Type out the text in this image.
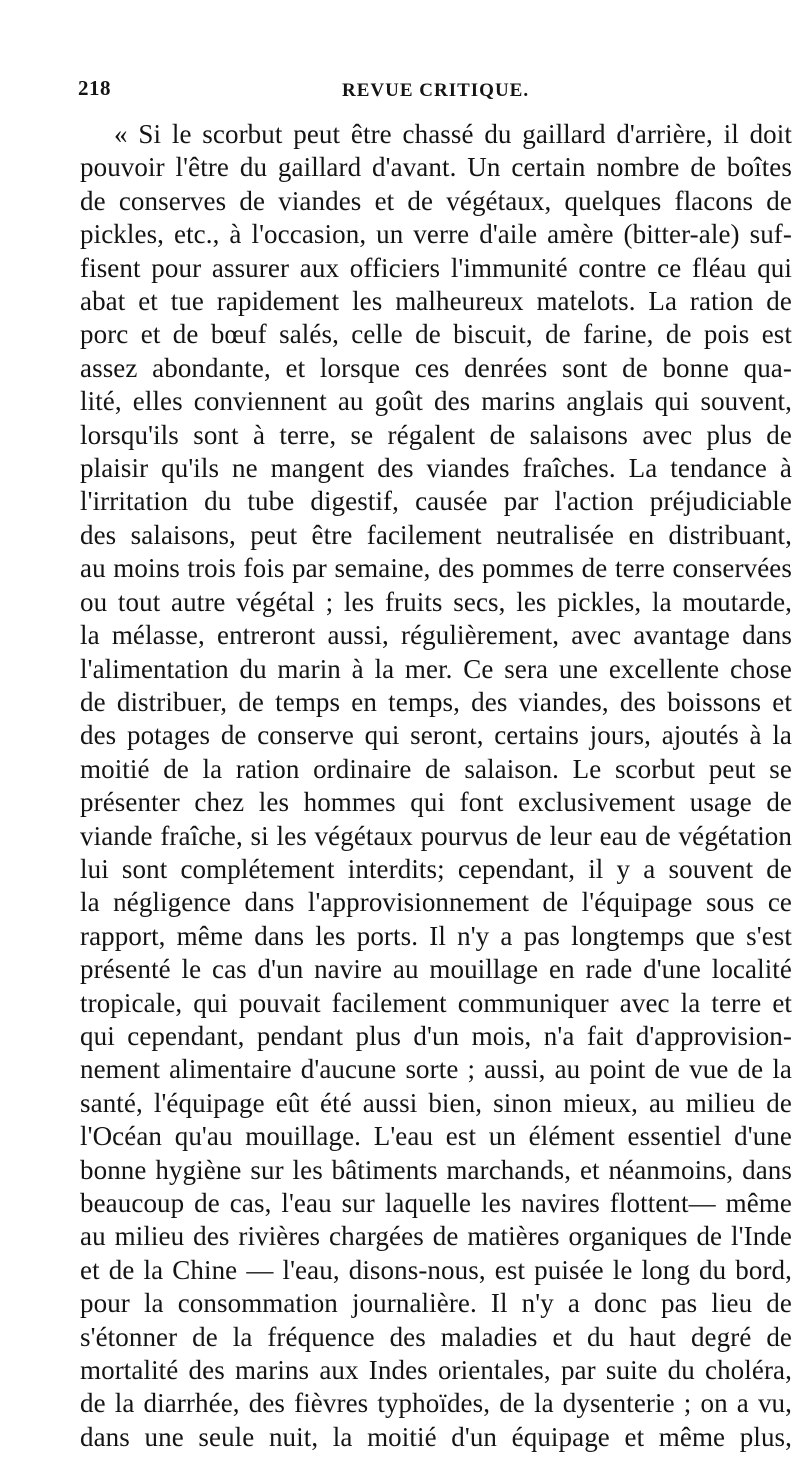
218	REVUE CRITIQUE.
« Si le scorbut peut être chassé du gaillard d'arrière, il doit
pouvoir l'être du gaillard d'avant. Un certain nombre de boîtes
de conserves de viandes et de végétaux, quelques flacons de
pickles, etc., à l'occasion, un verre d'aile amère (bitter-ale) suf-
fisent pour assurer aux officiers l'immunité contre ce fléau qui
abat et tue rapidement les malheureux matelots. La ration de
porc et de bœuf salés, celle de biscuit, de farine, de pois est
assez abondante, et lorsque ces denrées sont de bonne qua-
lité, elles conviennent au goût des marins anglais qui souvent,
lorsqu'ils sont à terre, se régalent de salaisons avec plus de
plaisir qu'ils ne mangent des viandes fraîches. La tendance à
l'irritation du tube digestif, causée par l'action préjudiciable
des salaisons, peut être facilement neutralisée en distribuant,
au moins trois fois par semaine, des pommes de terre conservées
ou tout autre végétal ; les fruits secs, les pickles, la moutarde,
la mélasse, entreront aussi, régulièrement, avec avantage dans
l'alimentation du marin à la mer. Ce sera une excellente chose
de distribuer, de temps en temps, des viandes, des boissons et
des potages de conserve qui seront, certains jours, ajoutés à la
moitié de la ration ordinaire de salaison. Le scorbut peut se
présenter chez les hommes qui font exclusivement usage de
viande fraîche, si les végétaux pourvus de leur eau de végétation
lui sont complétement interdits; cependant, il y a souvent de
la négligence dans l'approvisionnement de l'équipage sous ce
rapport, même dans les ports. Il n'y a pas longtemps que s'est
présenté le cas d'un navire au mouillage en rade d'une localité
tropicale, qui pouvait facilement communiquer avec la terre et
qui cependant, pendant plus d'un mois, n'a fait d'approvision-
nement alimentaire d'aucune sorte ; aussi, au point de vue de la
santé, l'équipage eût été aussi bien, sinon mieux, au milieu de
l'Océan qu'au mouillage. L'eau est un élément essentiel d'une
bonne hygiène sur les bâtiments marchands, et néanmoins, dans
beaucoup de cas, l'eau sur laquelle les navires flottent— même
au milieu des rivières chargées de matières organiques de l'Inde
et de la Chine — l'eau, disons-nous, est puisée le long du bord,
pour la consommation journalière. Il n'y a donc pas lieu de
s'étonner de la fréquence des maladies et du haut degré de
mortalité des marins aux Indes orientales, par suite du choléra,
de la diarrhée, des fièvres typhoïdes, de la dysenterie ; on a vu,
dans une seule nuit, la moitié d'un équipage et même plus,
